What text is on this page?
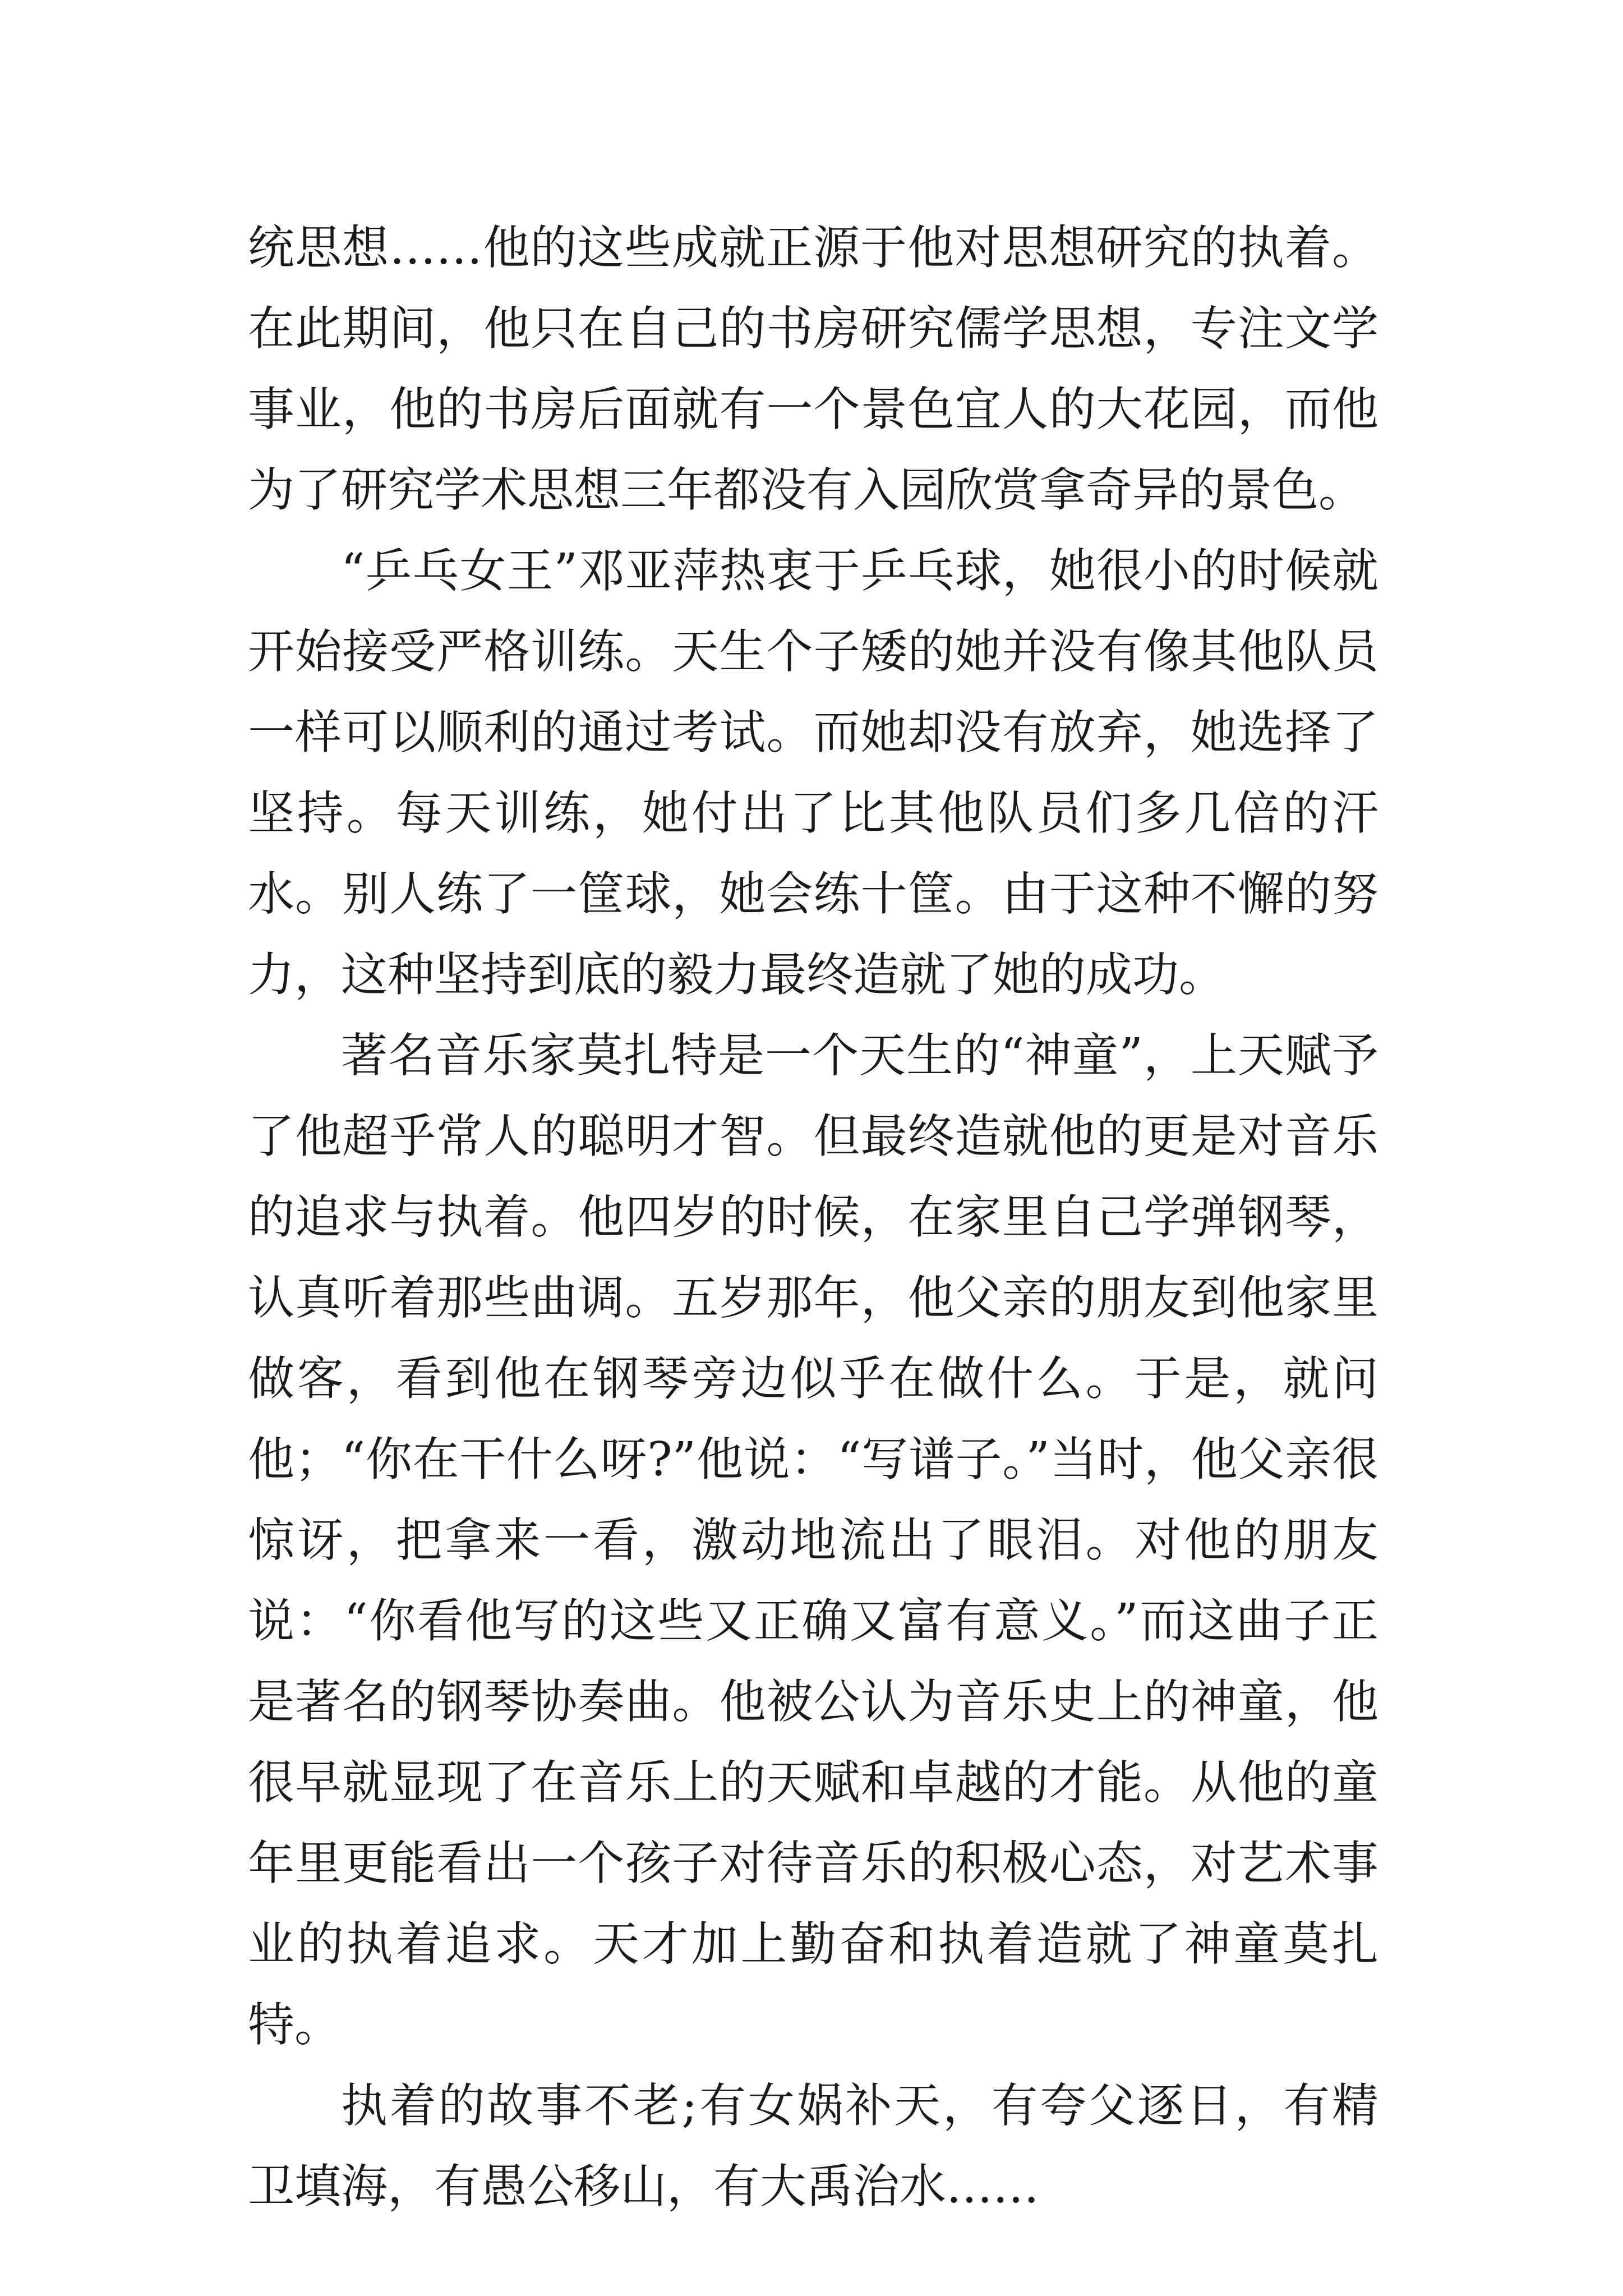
统思想……他的这些成就正源于他对思想研究的执着。在此期间，他只在自己的书房研究儒学思想，专注文学事业，他的书房后面就有一个景色宜人的大花园，而他为了研究学术思想三年都没有入园欣赏拿奇异的景色。

“乒乓女王”邓亚萍热衷于乒乓球，她很小的时候就开始接受严格训练。天生个子矮的她并没有像其他队员一样可以顺利的通过考试。而她却没有放弃，她选择了坚持。每天训练，她付出了比其他队员们多几倍的汗水。别人练了一筐球，她会练十筐。由于这种不懈的努力，这种坚持到底的毅力最终造就了她的成功。

著名音乐家莫扎特是一个天生的“神童”，上天赋予了他超乎常人的聪明才智。但最终造就他的更是对音乐的追求与执着。他四岁的时候，在家里自己学弹钢琴，认真听着那些曲调。五岁那年，他父亲的朋友到他家里做客，看到他在钢琴旁边似乎在做什么。于是，就问他；“你在干什么呀?”他说：“写谱子。”当时，他父亲很惊讶，把拿来一看，激动地流出了眼泪。对他的朋友说：“你看他写的这些又正确又富有意义。”而这曲子正是著名的钢琴协奏曲。他被公认为音乐史上的神童，他很早就显现了在音乐上的天赋和卓越的才能。从他的童年里更能看出一个孩子对待音乐的积极心态，对艺术事业的执着追求。天才加上勤奋和执着造就了神童莫扎特。

执着的故事不老;有女娲补天，有夸父逐日，有精卫填海，有愚公移山，有大禹治水……
